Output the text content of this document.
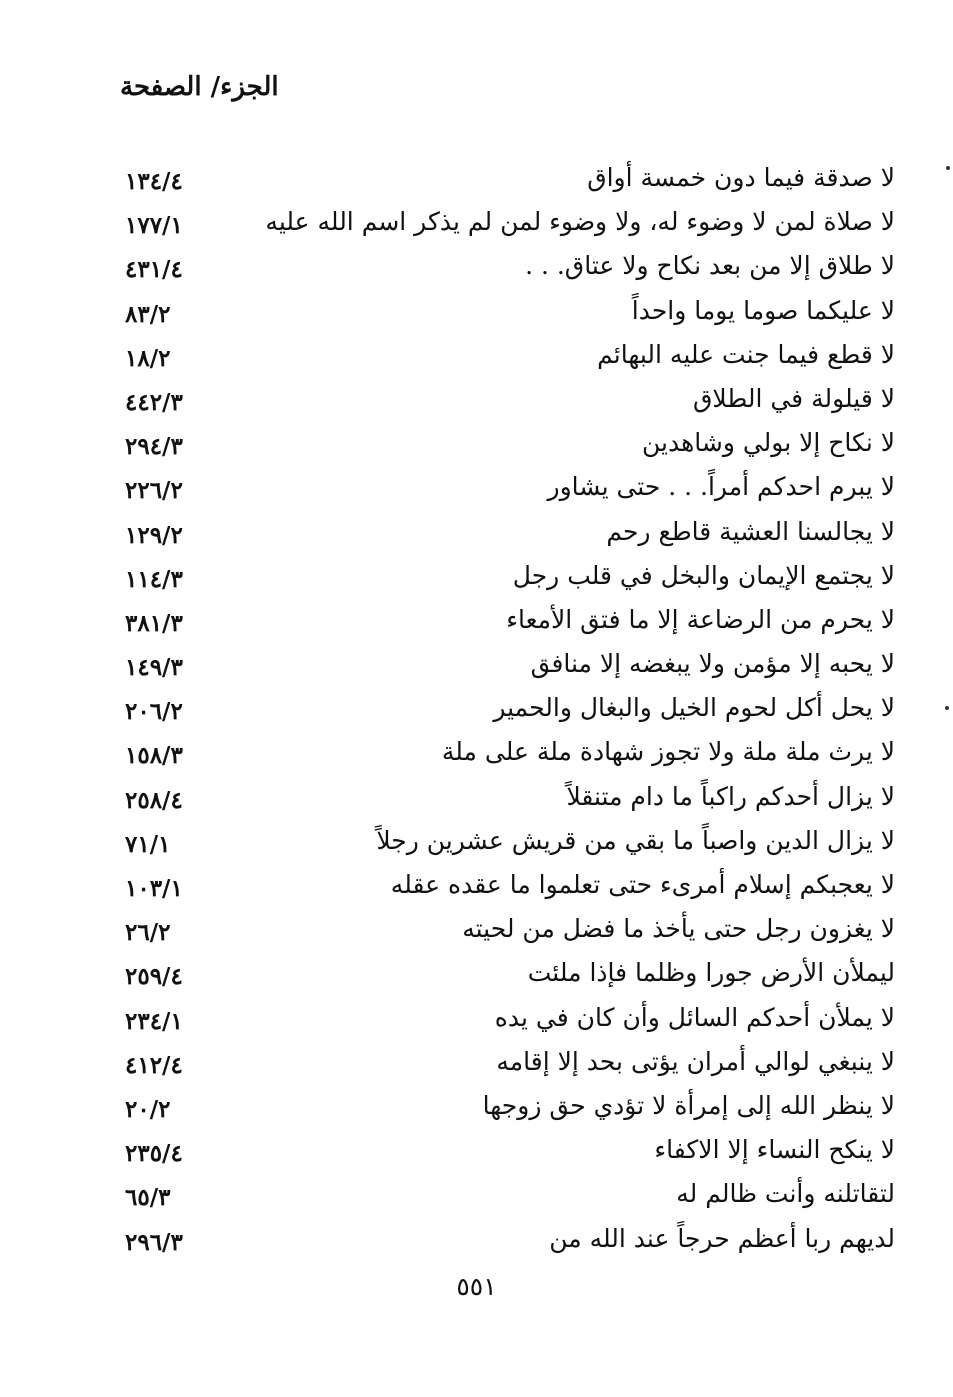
الجزء/ الصفحة
لا صدقة فيما دون خمسة أواق
١٣٤/٤
لا صلاة لمن لا وضوء له، ولا وضوء لمن لم يذكر اسم الله عليه
١٧٧/١
لا طلاق إلا من بعد نكاح ولا عتاق. . .
٤٣١/٤
لا عليكما صوما يوما واحداً
٨٣/٢
لا قطع فيما جنت عليه البهائم
١٨/٢
لا قيلولة في الطلاق
٤٤٢/٣
لا نكاح إلا بولي وشاهدين
٢٩٤/٣
لا يبرم احدكم أمراً. . . حتى يشاور
٢٢٦/٢
لا يجالسنا العشية قاطع رحم
١٢٩/٢
لا يجتمع الإيمان والبخل في قلب رجل
١١٤/٣
لا يحرم من الرضاعة إلا ما فتق الأمعاء
٣٨١/٣
لا يحبه إلا مؤمن ولا يبغضه إلا منافق
١٤٩/٣
لا يحل أكل لحوم الخيل والبغال والحمير
٢٠٦/٢
لا يرث ملة ملة ولا تجوز شهادة ملة على ملة
١٥٨/٣
لا يزال أحدكم راكباً ما دام متنقلاً
٢٥٨/٤
لا يزال الدين واصباً ما بقي من قريش عشرين رجلاً
٧١/١
لا يعجبكم إسلام أمرىء حتى تعلموا ما عقده عقله
١٠٣/١
لا يغزون رجل حتى يأخذ ما فضل من لحيته
٢٦/٢
ليملأن الأرض جورا وظلما فإذا ملئت
٢٥٩/٤
لا يملأن أحدكم السائل وأن كان في يده
٢٣٤/١
لا ينبغي لوالي أمران يؤتى بحد إلا إقامه
٤١٢/٤
لا ينظر الله إلى إمرأة لا تؤدي حق زوجها
٢٠/٢
لا ينكح النساء إلا الاكفاء
٢٣٥/٤
لتقاتلنه وأنت ظالم له
٦٥/٣
لديهم ربا أعظم حرجاً عند الله من
٢٩٦/٣
٥٥١
